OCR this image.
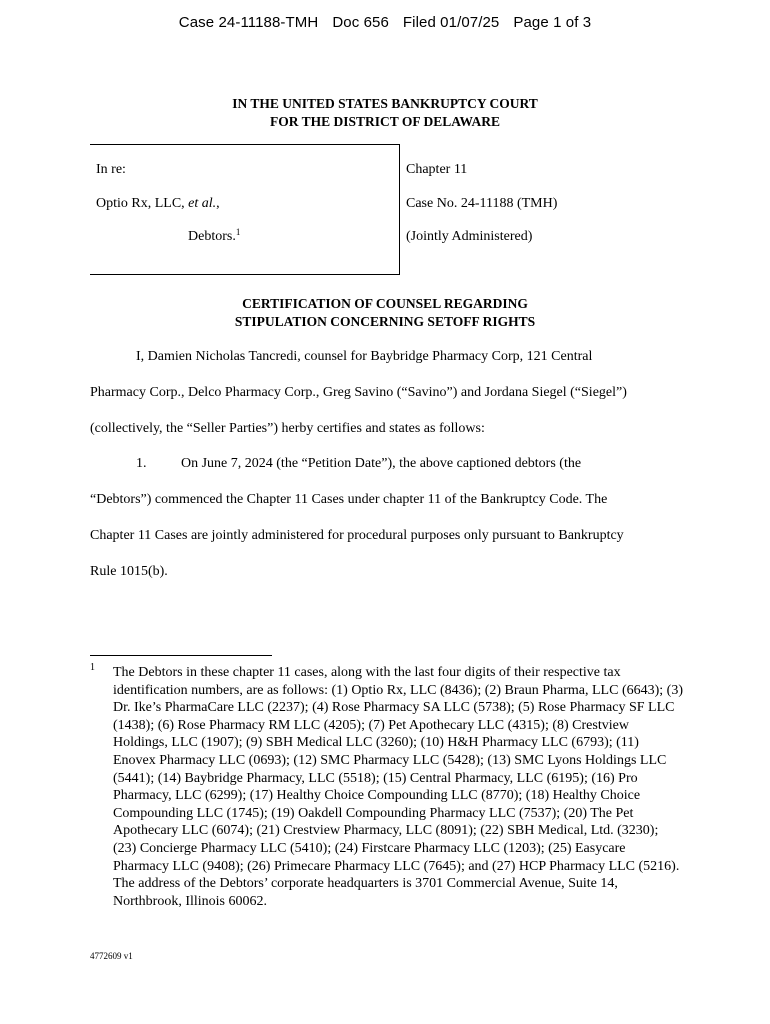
Case 24-11188-TMH Doc 656 Filed 01/07/25 Page 1 of 3
IN THE UNITED STATES BANKRUPTCY COURT
FOR THE DISTRICT OF DELAWARE
In re:
Optio Rx, LLC, et al.,
Debtors.$^1$
Chapter 11
Case No. 24-11188 (TMH)
(Jointly Administered)
CERTIFICATION OF COUNSEL REGARDING
STIPULATION CONCERNING SETOFF RIGHTS
I, Damien Nicholas Tancredi, counsel for Baybridge Pharmacy Corp, 121 Central
Pharmacy Corp., Delco Pharmacy Corp., Greg Savino (“Savino”) and Jordana Siegel (“Siegel”)
(collectively, the “Seller Parties”) herby certifies and states as follows:
1. On June 7, 2024 (the “Petition Date”), the above captioned debtors (the
“Debtors”) commenced the Chapter 11 Cases under chapter 11 of the Bankruptcy Code. The
Chapter 11 Cases are jointly administered for procedural purposes only pursuant to Bankruptcy
Rule 1015(b).
1 The Debtors in these chapter 11 cases, along with the last four digits of their respective tax identification numbers, are as follows: (1) Optio Rx, LLC (8436); (2) Braun Pharma, LLC (6643); (3) Dr. Ike’s PharmaCare LLC (2237); (4) Rose Pharmacy SA LLC (5738); (5) Rose Pharmacy SF LLC (1438); (6) Rose Pharmacy RM LLC (4205); (7) Pet Apothecary LLC (4315); (8) Crestview Holdings, LLC (1907); (9) SBH Medical LLC (3260); (10) H&H Pharmacy LLC (6793); (11) Enovex Pharmacy LLC (0693); (12) SMC Pharmacy LLC (5428); (13) SMC Lyons Holdings LLC (5441); (14) Baybridge Pharmacy, LLC (5518); (15) Central Pharmacy, LLC (6195); (16) Pro Pharmacy, LLC (6299); (17) Healthy Choice Compounding LLC (8770); (18) Healthy Choice Compounding LLC (1745); (19) Oakdell Compounding Pharmacy LLC (7537); (20) The Pet Apothecary LLC (6074); (21) Crestview Pharmacy, LLC (8091); (22) SBH Medical, Ltd. (3230); (23) Concierge Pharmacy LLC (5410); (24) Firstcare Pharmacy LLC (1203); (25) Easycare Pharmacy LLC (9408); (26) Primecare Pharmacy LLC (7645); and (27) HCP Pharmacy LLC (5216). The address of the Debtors’ corporate headquarters is 3701 Commercial Avenue, Suite 14, Northbrook, Illinois 60062.
4772609 v1
